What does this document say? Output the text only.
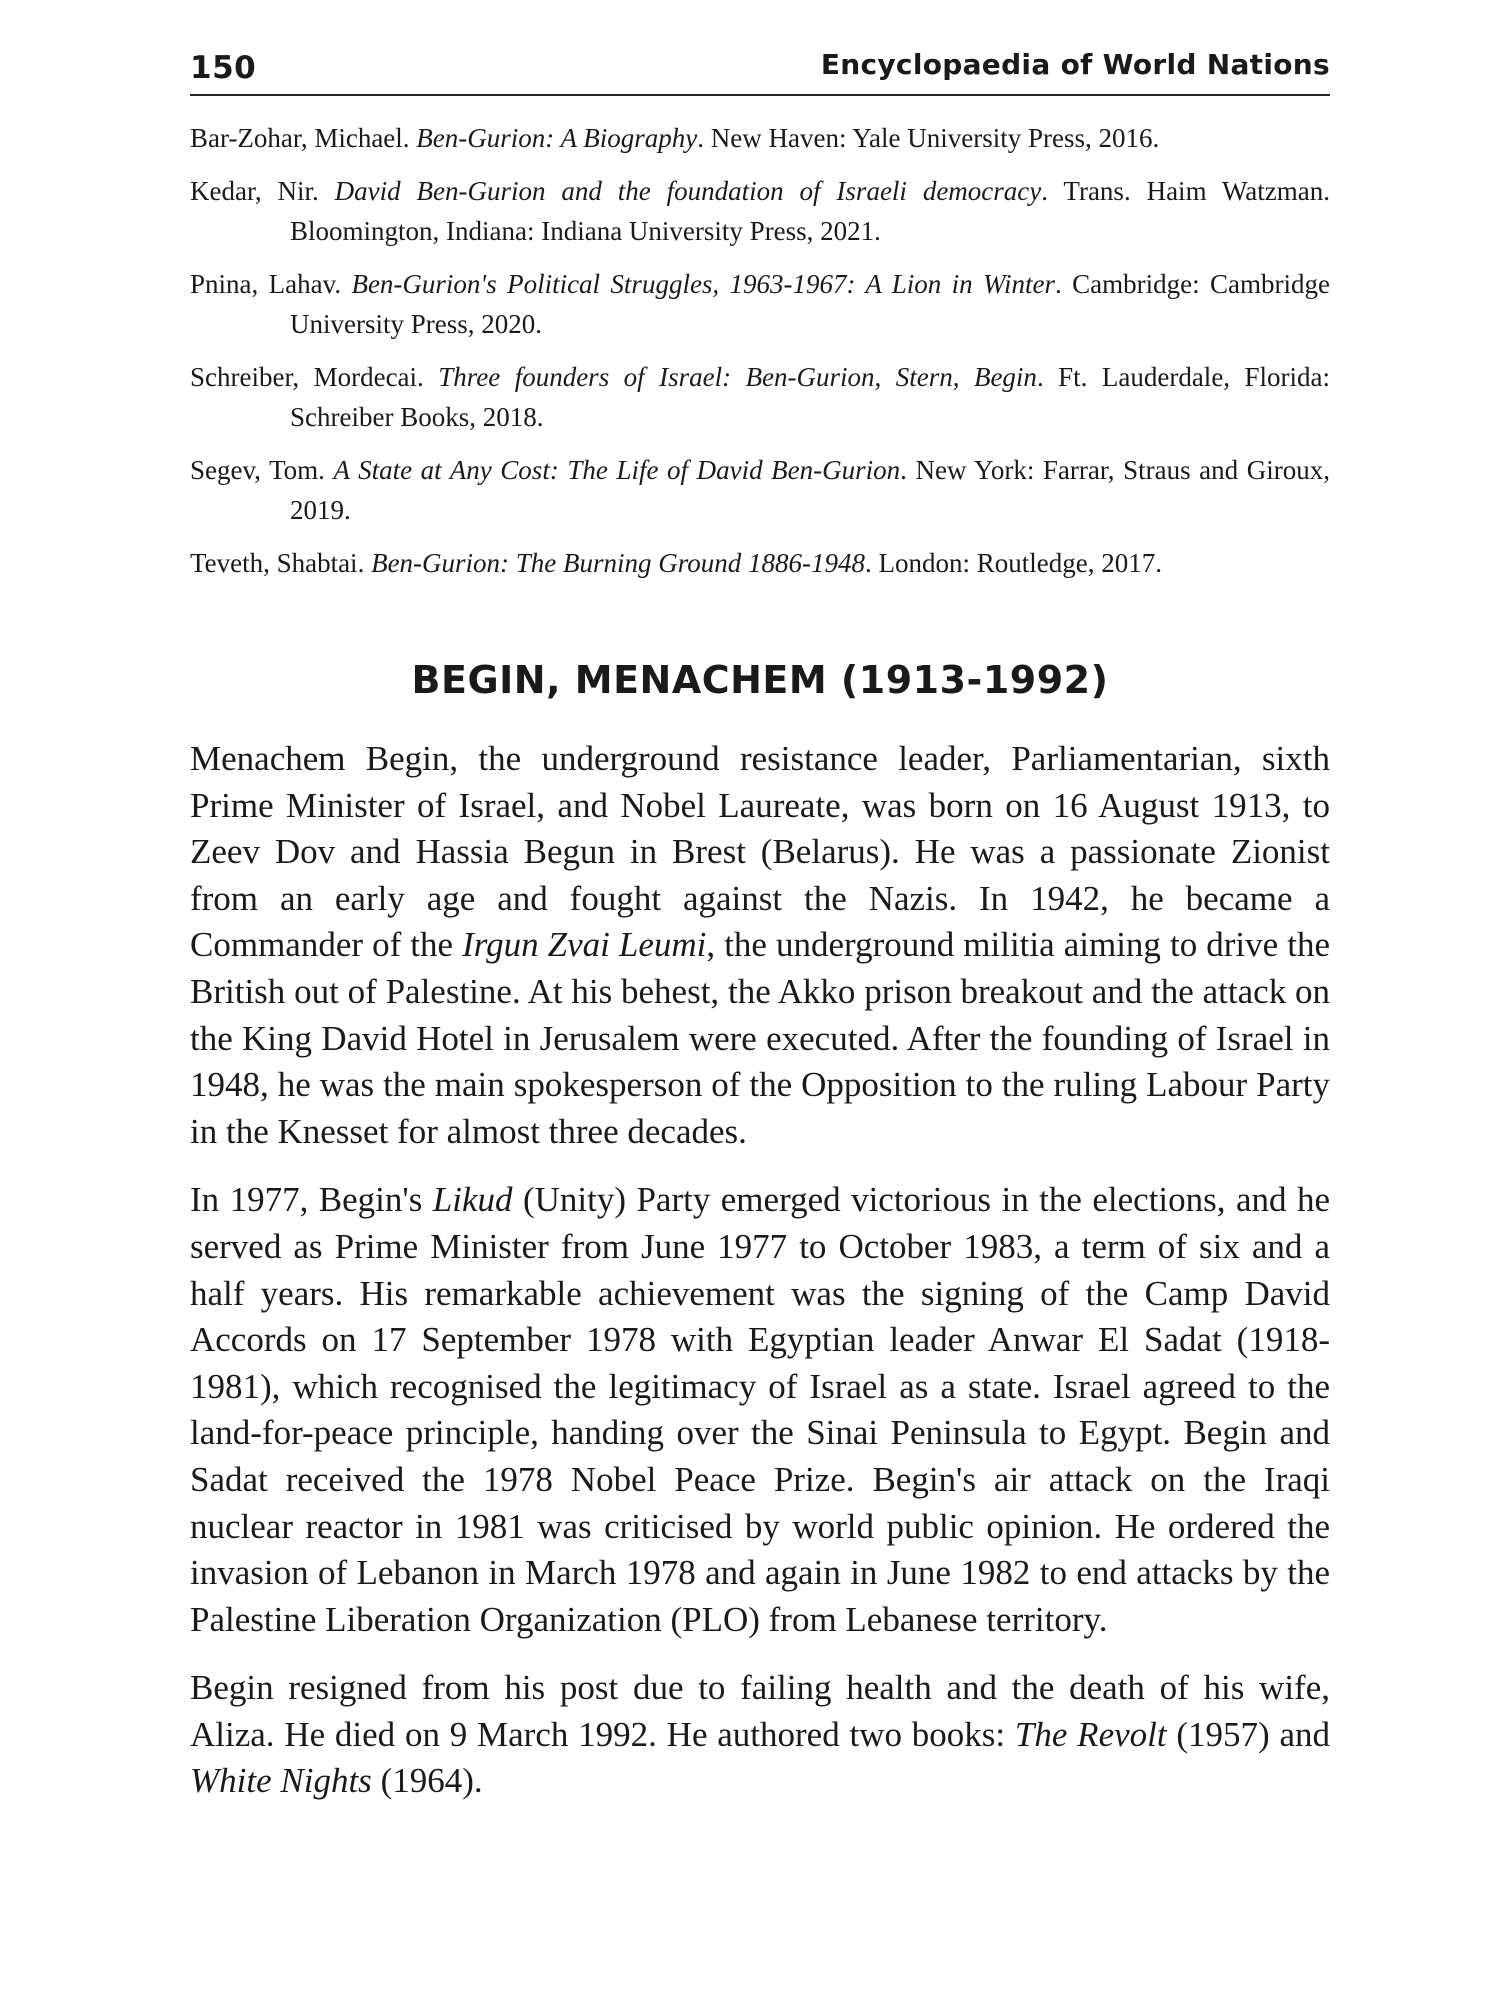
150	Encyclopaedia of World Nations
Bar-Zohar, Michael. Ben-Gurion: A Biography. New Haven: Yale University Press, 2016.
Kedar, Nir. David Ben-Gurion and the foundation of Israeli democracy. Trans. Haim Watzman. Bloomington, Indiana: Indiana University Press, 2021.
Pnina, Lahav. Ben-Gurion's Political Struggles, 1963-1967: A Lion in Winter. Cambridge: Cambridge University Press, 2020.
Schreiber, Mordecai. Three founders of Israel: Ben-Gurion, Stern, Begin. Ft. Lauderdale, Florida: Schreiber Books, 2018.
Segev, Tom. A State at Any Cost: The Life of David Ben-Gurion. New York: Farrar, Straus and Giroux, 2019.
Teveth, Shabtai. Ben-Gurion: The Burning Ground 1886-1948. London: Routledge, 2017.
BEGIN, MENACHEM (1913-1992)

Menachem Begin, the underground resistance leader, Parliamentarian, sixth Prime Minister of Israel, and Nobel Laureate, was born on 16 August 1913, to Zeev Dov and Hassia Begun in Brest (Belarus). He was a passionate Zionist from an early age and fought against the Nazis. In 1942, he became a Commander of the Irgun Zvai Leumi, the underground militia aiming to drive the British out of Palestine. At his behest, the Akko prison breakout and the attack on the King David Hotel in Jerusalem were executed. After the founding of Israel in 1948, he was the main spokesperson of the Opposition to the ruling Labour Party in the Knesset for almost three decades.

In 1977, Begin's Likud (Unity) Party emerged victorious in the elections, and he served as Prime Minister from June 1977 to October 1983, a term of six and a half years. His remarkable achievement was the signing of the Camp David Accords on 17 September 1978 with Egyptian leader Anwar El Sadat (1918-1981), which recognised the legitimacy of Israel as a state. Israel agreed to the land-for-peace principle, handing over the Sinai Peninsula to Egypt. Begin and Sadat received the 1978 Nobel Peace Prize. Begin's air attack on the Iraqi nuclear reactor in 1981 was criticised by world public opinion. He ordered the invasion of Lebanon in March 1978 and again in June 1982 to end attacks by the Palestine Liberation Organization (PLO) from Lebanese territory.

Begin resigned from his post due to failing health and the death of his wife, Aliza. He died on 9 March 1992. He authored two books: The Revolt (1957) and White Nights (1964).
